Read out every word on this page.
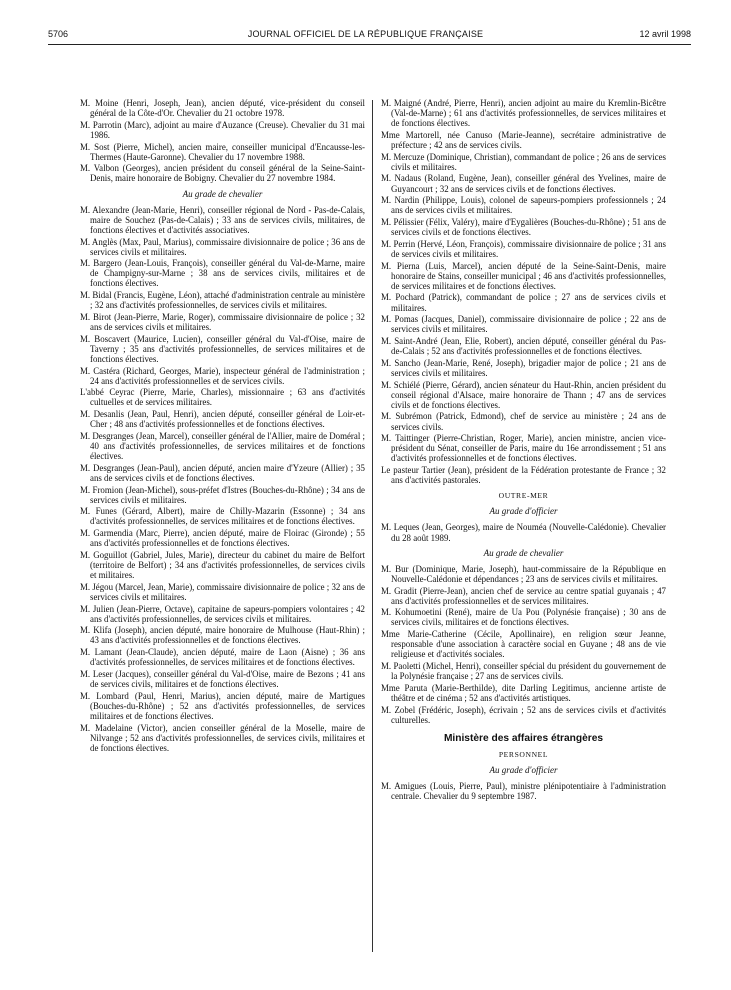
5706	JOURNAL OFFICIEL DE LA RÉPUBLIQUE FRANÇAISE	12 avril 1998
M. Moine (Henri, Joseph, Jean), ancien député, vice-président du conseil général de la Côte-d'Or. Chevalier du 21 octobre 1978.
M. Parrotin (Marc), adjoint au maire d'Auzance (Creuse). Chevalier du 31 mai 1986.
M. Sost (Pierre, Michel), ancien maire, conseiller municipal d'Encausse-les-Thermes (Haute-Garonne). Chevalier du 17 novembre 1988.
M. Valbon (Georges), ancien président du conseil général de la Seine-Saint-Denis, maire honoraire de Bobigny. Chevalier du 27 novembre 1984.
Au grade de chevalier
M. Alexandre (Jean-Marie, Henri), conseiller régional de Nord - Pas-de-Calais, maire de Souchez (Pas-de-Calais) ; 33 ans de services civils, militaires, de fonctions électives et d'activités associatives.
M. Anglès (Max, Paul, Marius), commissaire divisionnaire de police ; 36 ans de services civils et militaires.
M. Bargero (Jean-Louis, François), conseiller général du Val-de-Marne, maire de Champigny-sur-Marne ; 38 ans de services civils, militaires et de fonctions électives.
M. Bidal (Francis, Eugène, Léon), attaché d'administration centrale au ministère ; 32 ans d'activités professionnelles, de services civils et militaires.
M. Birot (Jean-Pierre, Marie, Roger), commissaire divisionnaire de police ; 32 ans de services civils et militaires.
M. Boscavert (Maurice, Lucien), conseiller général du Val-d'Oise, maire de Taverny ; 35 ans d'activités professionnelles, de services militaires et de fonctions électives.
M. Castéra (Richard, Georges, Marie), inspecteur général de l'administration ; 24 ans d'activités professionnelles et de services civils.
L'abbé Ceyrac (Pierre, Marie, Charles), missionnaire ; 63 ans d'activités cultuelles et de services militaires.
M. Desanlis (Jean, Paul, Henri), ancien député, conseiller général de Loir-et-Cher ; 48 ans d'activités professionnelles et de fonctions électives.
M. Desgranges (Jean, Marcel), conseiller général de l'Allier, maire de Doméral ; 40 ans d'activités professionnelles, de services militaires et de fonctions électives.
M. Desgranges (Jean-Paul), ancien député, ancien maire d'Yzeure (Allier) ; 35 ans de services civils et de fonctions électives.
M. Fromion (Jean-Michel), sous-préfet d'Istres (Bouches-du-Rhône) ; 34 ans de services civils et militaires.
M. Funes (Gérard, Albert), maire de Chilly-Mazarin (Essonne) ; 34 ans d'activités professionnelles, de services militaires et de fonctions électives.
M. Garmendia (Marc, Pierre), ancien député, maire de Floirac (Gironde) ; 55 ans d'activités professionnelles et de fonctions électives.
M. Goguillot (Gabriel, Jules, Marie), directeur du cabinet du maire de Belfort (territoire de Belfort) ; 34 ans d'activités professionnelles, de services civils et militaires.
M. Jégou (Marcel, Jean, Marie), commissaire divisionnaire de police ; 32 ans de services civils et militaires.
M. Julien (Jean-Pierre, Octave), capitaine de sapeurs-pompiers volontaires ; 42 ans d'activités professionnelles, de services civils et militaires.
M. Klifa (Joseph), ancien député, maire honoraire de Mulhouse (Haut-Rhin) ; 43 ans d'activités professionnelles et de fonctions électives.
M. Lamant (Jean-Claude), ancien député, maire de Laon (Aisne) ; 36 ans d'activités professionnelles, de services militaires et de fonctions électives.
M. Leser (Jacques), conseiller général du Val-d'Oise, maire de Bezons ; 41 ans de services civils, militaires et de fonctions électives.
M. Lombard (Paul, Henri, Marius), ancien député, maire de Martigues (Bouches-du-Rhône) ; 52 ans d'activités professionnelles, de services militaires et de fonctions électives.
M. Madelaine (Victor), ancien conseiller général de la Moselle, maire de Nilvange ; 52 ans d'activités professionnelles, de services civils, militaires et de fonctions électives.
M. Maigné (André, Pierre, Henri), ancien adjoint au maire du Kremlin-Bicêtre (Val-de-Marne) ; 61 ans d'activités professionnelles, de services militaires et de fonctions électives.
Mme Martorell, née Canuso (Marie-Jeanne), secrétaire administrative de préfecture ; 42 ans de services civils.
M. Mercuze (Dominique, Christian), commandant de police ; 26 ans de services civils et militaires.
M. Nadaus (Roland, Eugène, Jean), conseiller général des Yvelines, maire de Guyancourt ; 32 ans de services civils et de fonctions électives.
M. Nardin (Philippe, Louis), colonel de sapeurs-pompiers professionnels ; 24 ans de services civils et militaires.
M. Pélissier (Félix, Valéry), maire d'Eygalières (Bouches-du-Rhône) ; 51 ans de services civils et de fonctions électives.
M. Perrin (Hervé, Léon, François), commissaire divisionnaire de police ; 31 ans de services civils et militaires.
M. Pierna (Luis, Marcel), ancien député de la Seine-Saint-Denis, maire honoraire de Stains, conseiller municipal ; 46 ans d'activités professionnelles, de services militaires et de fonctions électives.
M. Pochard (Patrick), commandant de police ; 27 ans de services civils et militaires.
M. Pomas (Jacques, Daniel), commissaire divisionnaire de police ; 22 ans de services civils et militaires.
M. Saint-André (Jean, Elie, Robert), ancien député, conseiller général du Pas-de-Calais ; 52 ans d'activités professionnelles et de fonctions électives.
M. Sancho (Jean-Marie, René, Joseph), brigadier major de police ; 21 ans de services civils et militaires.
M. Schiélé (Pierre, Gérard), ancien sénateur du Haut-Rhin, ancien président du conseil régional d'Alsace, maire honoraire de Thann ; 47 ans de services civils et de fonctions électives.
M. Subrémon (Patrick, Edmond), chef de service au ministère ; 24 ans de services civils.
M. Taittinger (Pierre-Christian, Roger, Marie), ancien ministre, ancien vice-président du Sénat, conseiller de Paris, maire du 16e arrondissement ; 51 ans d'activités professionnelles et de fonctions électives.
Le pasteur Tartier (Jean), président de la Fédération protestante de France ; 32 ans d'activités pastorales.
OUTRE-MER
Au grade d'officier
M. Leques (Jean, Georges), maire de Nouméa (Nouvelle-Calédonie). Chevalier du 28 août 1989.
Au grade de chevalier
M. Bur (Dominique, Marie, Joseph), haut-commissaire de la République en Nouvelle-Calédonie et dépendances ; 23 ans de services civils et militaires.
M. Gradit (Pierre-Jean), ancien chef de service au centre spatial guyanais ; 47 ans d'activités professionnelles et de services militaires.
M. Kohumoetini (René), maire de Ua Pou (Polynésie française) ; 30 ans de services civils, militaires et de fonctions électives.
Mme Marie-Catherine (Cécile, Apollinaire), en religion sœur Jeanne, responsable d'une association à caractère social en Guyane ; 48 ans de vie religieuse et d'activités sociales.
M. Paoletti (Michel, Henri), conseiller spécial du président du gouvernement de la Polynésie française ; 27 ans de services civils.
Mme Paruta (Marie-Berthilde), dite Darling Legitimus, ancienne artiste de théâtre et de cinéma ; 52 ans d'activités artistiques.
M. Zobel (Frédéric, Joseph), écrivain ; 52 ans de services civils et d'activités culturelles.
Ministère des affaires étrangères
PERSONNEL
Au grade d'officier
M. Amigues (Louis, Pierre, Paul), ministre plénipotentiaire à l'administration centrale. Chevalier du 9 septembre 1987.
